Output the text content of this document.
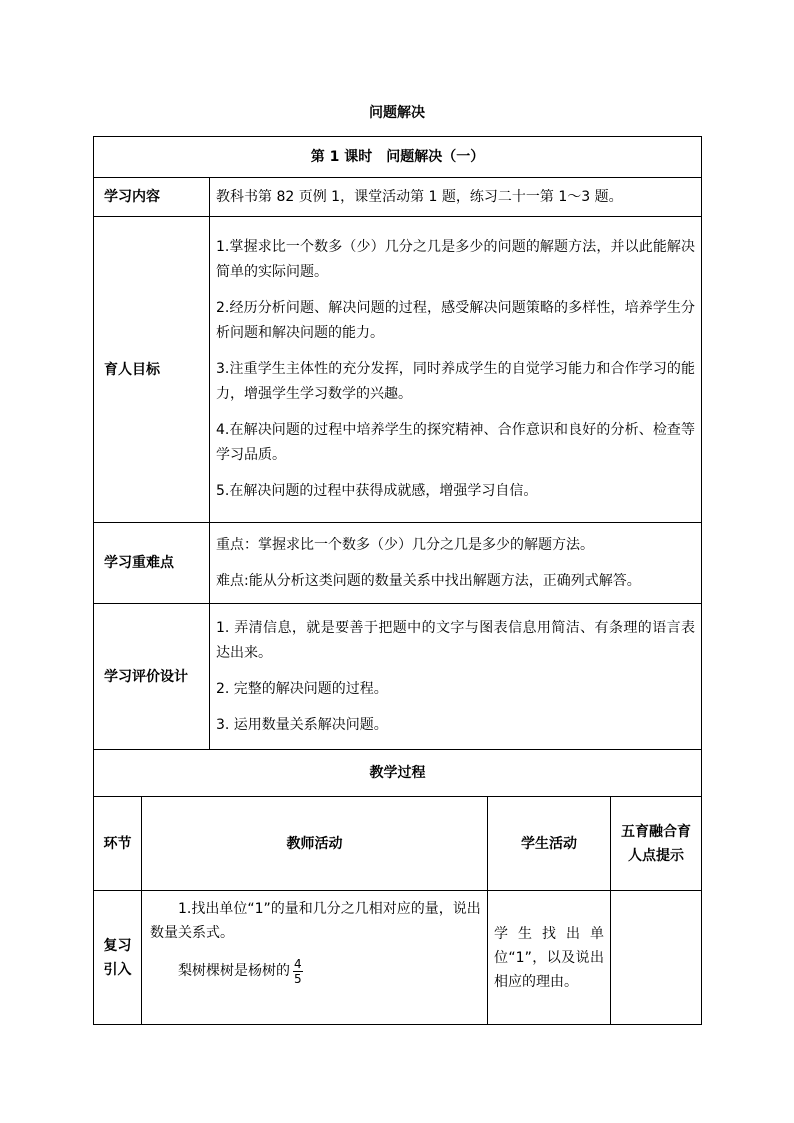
问题解决
第 1 课时　问题解决（一）				
学习内容		教科书第 82 页例 1，课堂活动第 1 题，练习二十一第 1～3 题。		

育人目标		1.掌握求比一个数多（少）几分之几是多少的问题的解题方法，并以此能解决简单的实际问题。

2.经历分析问题、解决问题的过程，感受解决问题策略的多样性，培养学生分析问题和解决问题的能力。

3.注重学生主体性的充分发挥，同时养成学生的自觉学习能力和合作学习的能力，增强学生学习数学的兴趣。

4.在解决问题的过程中培养学生的探究精神、合作意识和良好的分析、检查等学习品质。

5.在解决问题的过程中获得成就感，增强学习自信。		

学习重难点		重点：掌握求比一个数多（少）几分之几是多少的解题方法。

难点:能从分析这类问题的数量关系中找出解题方法，正确列式解答。		

学习评价设计		1. 弄清信息，就是要善于把题中的文字与图表信息用简洁、有条理的语言表达出来。

2. 完整的解决问题的过程。

3. 运用数量关系解决问题。		

教学过程				
环节	教师活动		学生活动	五育融合育人点提示
复习引入	1.找出单位“1”的量和几分之几相对应的量，说出数量关系式。

梨树棵树是杨树的 $\frac{4}{5}$		学生找出单位“1”，以及说出相应的理由。	
